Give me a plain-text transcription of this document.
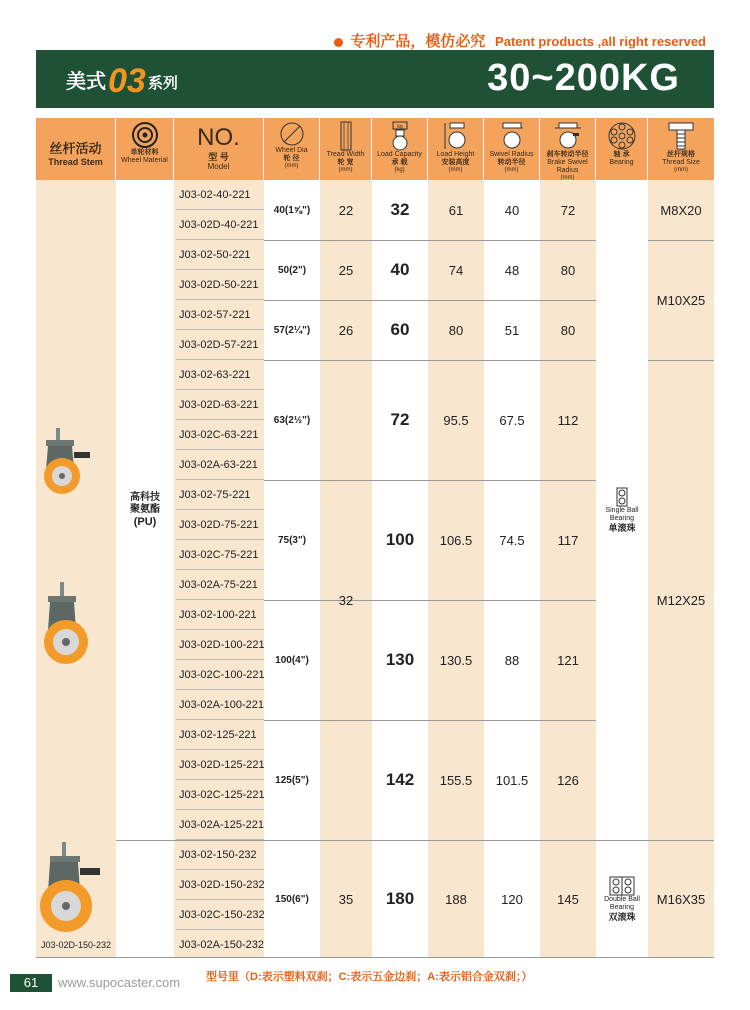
专利产品，模仿必究 Patent products ,all right reserved
美式03 系列	30~200KG
丝杆活动
Thread Stem
单轮材料
Wheel Material
NO.
型 号
Model
Wheel Dia
轮 径
(mm)
Tread Width
轮 宽
(mm)
kg
Load Capacity
承 载
(kg)
Load Height
安装高度
(mm)
Swivel Radius
转动半径
(mm)
刹车转动半径
Brake Swivel Radius
(mm)
轴 承
Bearing
丝杆规格
Thread Size
(mm)
J03-02-40-221
J03-02D-40-221
J03-02-50-221
J03-02D-50-221
J03-02-57-221
J03-02D-57-221
J03-02-63-221
J03-02D-63-221
J03-02C-63-221
J03-02A-63-221
J03-02-75-221
J03-02D-75-221
J03-02C-75-221
J03-02A-75-221
J03-02-100-221
J03-02D-100-221
J03-02C-100-221
J03-02A-100-221
J03-02-125-221
J03-02D-125-221
J03-02C-125-221
J03-02A-125-221
J03-02-150-232
J03-02D-150-232
J03-02C-150-232
J03-02A-150-232
高科技
聚氨酯
(PU)
40(1⅝")
50(2")
57(2¼")
63(2½")
75(3")
100(4")
125(5")
150(6")
22
25
26
32
35
32
40
60
72
100
130
142
180
61
74
80
95.5
106.5
130.5
155.5
188
40
48
51
67.5
74.5
88
101.5
120
72
80
80
112
117
121
126
145
Single Ball
Bearing
单滚珠
Double Ball
Bearing
双滚珠
M8X20
M10X25
M12X25
M16X35
J03-02D-150-232
61	www.supocaster.com 型号里（D:表示塑料双刹；C:表示五金边刹；A:表示铝合金双刹；）
